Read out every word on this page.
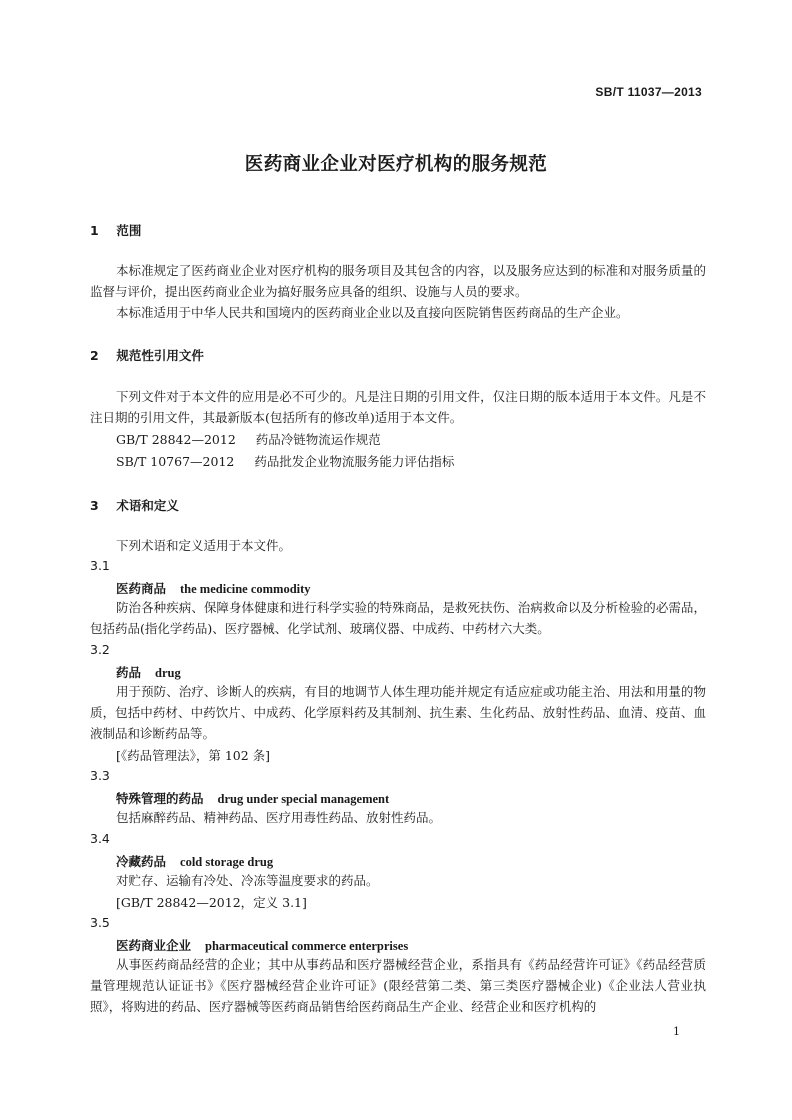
SB/T 11037—2013
医药商业企业对医疗机构的服务规范
1 范围

本标准规定了医药商业企业对医疗机构的服务项目及其包含的内容，以及服务应达到的标准和对服务质量的监督与评价，提出医药商业企业为搞好服务应具备的组织、设施与人员的要求。

本标准适用于中华人民共和国境内的医药商业企业以及直接向医院销售医药商品的生产企业。

2 规范性引用文件

下列文件对于本文件的应用是必不可少的。凡是注日期的引用文件，仅注日期的版本适用于本文件。凡是不注日期的引用文件，其最新版本(包括所有的修改单)适用于本文件。

GB/T 28842—2012 药品冷链物流运作规范
SB/T 10767—2012 药品批发企业物流服务能力评估指标
3 术语和定义

下列术语和定义适用于本文件。

3.1
医药商品 the medicine commodity

防治各种疾病、保障身体健康和进行科学实验的特殊商品，是救死扶伤、治病救命以及分析检验的必需品，包括药品(指化学药品)、医疗器械、化学试剂、玻璃仪器、中成药、中药材六大类。

3.2
药品 drug

用于预防、治疗、诊断人的疾病，有目的地调节人体生理功能并规定有适应症或功能主治、用法和用量的物质，包括中药材、中药饮片、中成药、化学原料药及其制剂、抗生素、生化药品、放射性药品、血清、疫苗、血液制品和诊断药品等。

[《药品管理法》，第 102 条]
3.3
特殊管理的药品 drug under special management

包括麻醉药品、精神药品、医疗用毒性药品、放射性药品。

3.4
冷藏药品 cold storage drug

对贮存、运输有冷处、冷冻等温度要求的药品。

[GB/T 28842—2012，定义 3.1]
3.5
医药商业企业 pharmaceutical commerce enterprises

从事医药商品经营的企业；其中从事药品和医疗器械经营企业，系指具有《药品经营许可证》《药品经营质量管理规范认证证书》《医疗器械经营企业许可证》(限经营第二类、第三类医疗器械企业)《企业法人营业执照》，将购进的药品、医疗器械等医药商品销售给医药商品生产企业、经营企业和医疗机构的

1
